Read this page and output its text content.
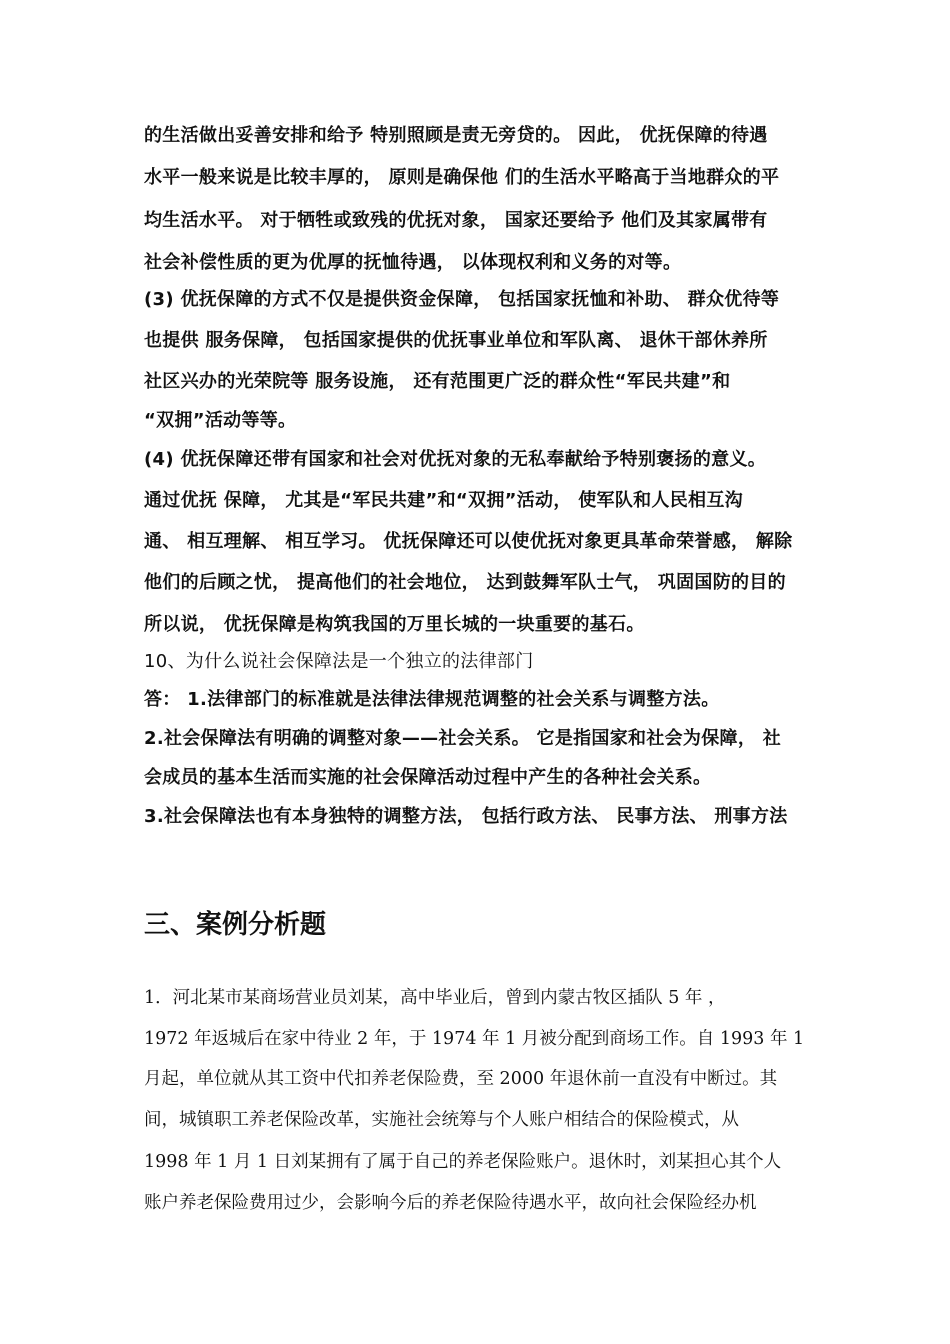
的生活做出妥善安排和给予 特别照顾是责无旁贷的。 因此， 优抚保障的待遇
水平一般来说是比较丰厚的， 原则是确保他 们的生活水平略高于当地群众的平
均生活水平。 对于牺牲或致残的优抚对象， 国家还要给予 他们及其家属带有
社会补偿性质的更为优厚的抚恤待遇， 以体现权利和义务的对等。
(3) 优抚保障的方式不仅是提供资金保障， 包括国家抚恤和补助、 群众优待等
也提供 服务保障， 包括国家提供的优抚事业单位和军队离、 退休干部休养所
社区兴办的光荣院等 服务设施， 还有范围更广泛的群众性“军民共建”和
“双拥”活动等等。
(4) 优抚保障还带有国家和社会对优抚对象的无私奉献给予特别褒扬的意义。
通过优抚 保障， 尤其是“军民共建”和“双拥”活动， 使军队和人民相互沟
通、 相互理解、 相互学习。 优抚保障还可以使优抚对象更具革命荣誉感， 解除
他们的后顾之忧， 提高他们的社会地位， 达到鼓舞军队士气， 巩固国防的目的
所以说， 优抚保障是构筑我国的万里长城的一块重要的基石。
10、为什么说社会保障法是一个独立的法律部门
答： 1.法律部门的标准就是法律法律规范调整的社会关系与调整方法。
2.社会保障法有明确的调整对象——社会关系。 它是指国家和社会为保障， 社
会成员的基本生活而实施的社会保障活动过程中产生的各种社会关系。
3.社会保障法也有本身独特的调整方法， 包括行政方法、 民事方法、 刑事方法
三、案例分析题
1．河北某市某商场营业员刘某，高中毕业后，曾到内蒙古牧区插队 5 年 ，
1972 年返城后在家中待业 2 年，于 1974 年 1 月被分配到商场工作。自 1993 年 1
月起，单位就从其工资中代扣养老保险费，至 2000 年退休前一直没有中断过。其
间，城镇职工养老保险改革，实施社会统筹与个人账户相结合的保险模式，从
1998 年 1 月 1 日刘某拥有了属于自己的养老保险账户。退休时，刘某担心其个人
账户养老保险费用过少，会影响今后的养老保险待遇水平，故向社会保险经办机
